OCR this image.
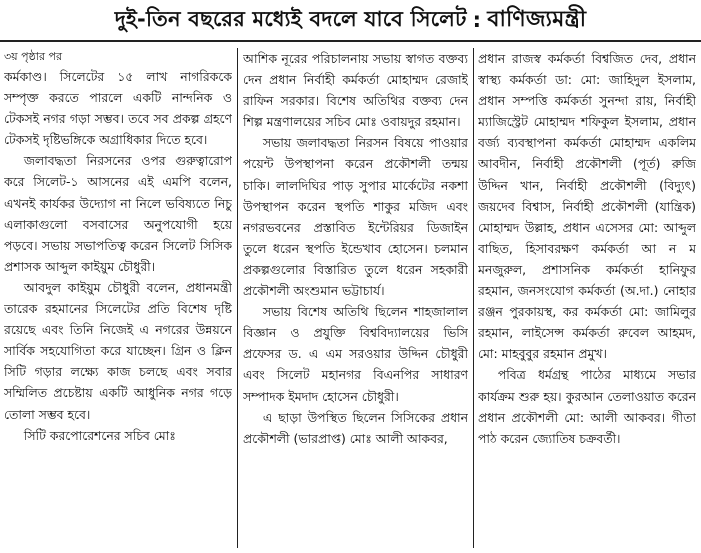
দুই-তিন বছরের মধ্যেই বদলে যাবে সিলেট : বাণিজ্যমন্ত্রী
৩য় পৃষ্ঠার পর

কর্মকাণ্ড। সিলেটের ১৫ লাখ নাগরিককে সম্পৃক্ত করতে পারলে একটি নান্দনিক ও টেকসই নগর গড়া সম্ভব। তবে সব প্রকল্প গ্রহণে টেকসই দৃষ্টিভঙ্গিকে অগ্রাধিকার দিতে হবে।

জলাবদ্ধতা নিরসনের ওপর গুরুত্বারোপ করে সিলেট-১ আসনের এই এমপি বলেন, এখনই কার্যকর উদ্যোগ না নিলে ভবিষ্যতে নিচু এলাকাগুলো বসবাসের অনুপযোগী হয়ে পড়বে। সভায় সভাপতিত্ব করেন সিলেট সিসিক প্রশাসক আব্দুল কাইয়ুম চৌধুরী।

আবদুল কাইয়ুম চৌধুরী বলেন, প্রধানমন্ত্রী তারেক রহমানের সিলেটের প্রতি বিশেষ দৃষ্টি রয়েছে এবং তিনি নিজেই এ নগরের উন্নয়নে সার্বিক সহযোগিতা করে যাচ্ছেন। গ্রিন ও ক্লিন সিটি গড়ার লক্ষ্যে কাজ চলছে এবং সবার সম্মিলিত প্রচেষ্টায় একটি আধুনিক নগর গড়ে তোলা সম্ভব হবে।

সিটি করপোরেশনের সচিব মোঃ

আশিক নূরের পরিচালনায় সভায় স্বাগত বক্তব্য দেন প্রধান নির্বাহী কর্মকর্তা মোহাম্মদ রেজাই রাফিন সরকার। বিশেষ অতিথির বক্তব্য দেন শিল্প মন্ত্রণালয়ের সচিব মোঃ ওবায়দুর রহমান।

সভায় জলাবদ্ধতা নিরসন বিষয়ে পাওয়ার পয়েন্ট উপস্থাপনা করেন প্রকৌশলী তন্ময় চাকি। লালদিঘির পাড় সুপার মার্কেটের নকশা উপস্থাপন করেন স্থপতি শাকুর মজিদ এবং নগরভবনের প্রস্তাবিত ইন্টেরিয়র ডিজাইন তুলে ধরেন স্থপতি ইন্ডেখাব হোসেন। চলমান প্রকল্পগুলোর বিস্তারিত তুলে ধরেন সহকারী প্রকৌশলী অংশুমান ভট্টাচার্য।

সভায় বিশেষ অতিথি ছিলেন শাহজালাল বিজ্ঞান ও প্রযুক্তি বিশ্ববিদ্যালয়ের ভিসি প্রফেসর ড. এ এম সরওয়ার উদ্দিন চৌধুরী এবং সিলেট মহানগর বিএনপির সাধারণ সম্পাদক ইমদাদ হোসেন চৌধুরী।

এ ছাড়া উপস্থিত ছিলেন সিসিকের প্রধান প্রকৌশলী (ভারপ্রাপ্ত) মোঃ আলী আকবর,

প্রধান রাজস্ব কর্মকর্তা বিশ্বজিত দেব, প্রধান স্বাস্থ্য কর্মকর্তা ডা: মো: জাহিদুল ইসলাম, প্রধান সম্পত্তি কর্মকর্তা সুনন্দা রায়, নির্বাহী ম্যাজিস্ট্রেট মোহাম্মদ শফিকুল ইসলাম, প্রধান বর্জ্য ব্যবস্থাপনা কর্মকর্তা মোহাম্মদ একলিম আবদীন, নির্বাহী প্রকৌশলী (পূর্ত) রুজি উদ্দিন খান, নির্বাহী প্রকৌশলী (বিদ্যুৎ) জয়দেব বিশ্বাস, নির্বাহী প্রকৌশলী (যান্ত্রিক) মোহাম্মদ উল্লাহ, প্রধান এসেসর মো: আব্দুল বাছিত, হিসাবরক্ষণ কর্মকর্তা আ ন ম মনজুরুল, প্রশাসনিক কর্মকর্তা হানিফুর রহমান, জনসংযোগ কর্মকর্তা (অ.দা.) নোহার রঞ্জন পুরকায়স্থ, কর কর্মকর্তা মো: জামিলুর রহমান, লাইসেন্স কর্মকর্তা রুবেল আহমদ, মো: মাহবুবুর রহমান প্রমুখ।

পবিত্র ধর্মগ্রন্থ পাঠের মাধ্যমে সভার কার্যক্রম শুরু হয়। কুরআন তেলাওয়াত করেন প্রধান প্রকৌশলী মো: আলী আকবর। গীতা পাঠ করেন জ্যোতিষ চক্রবর্তী।
